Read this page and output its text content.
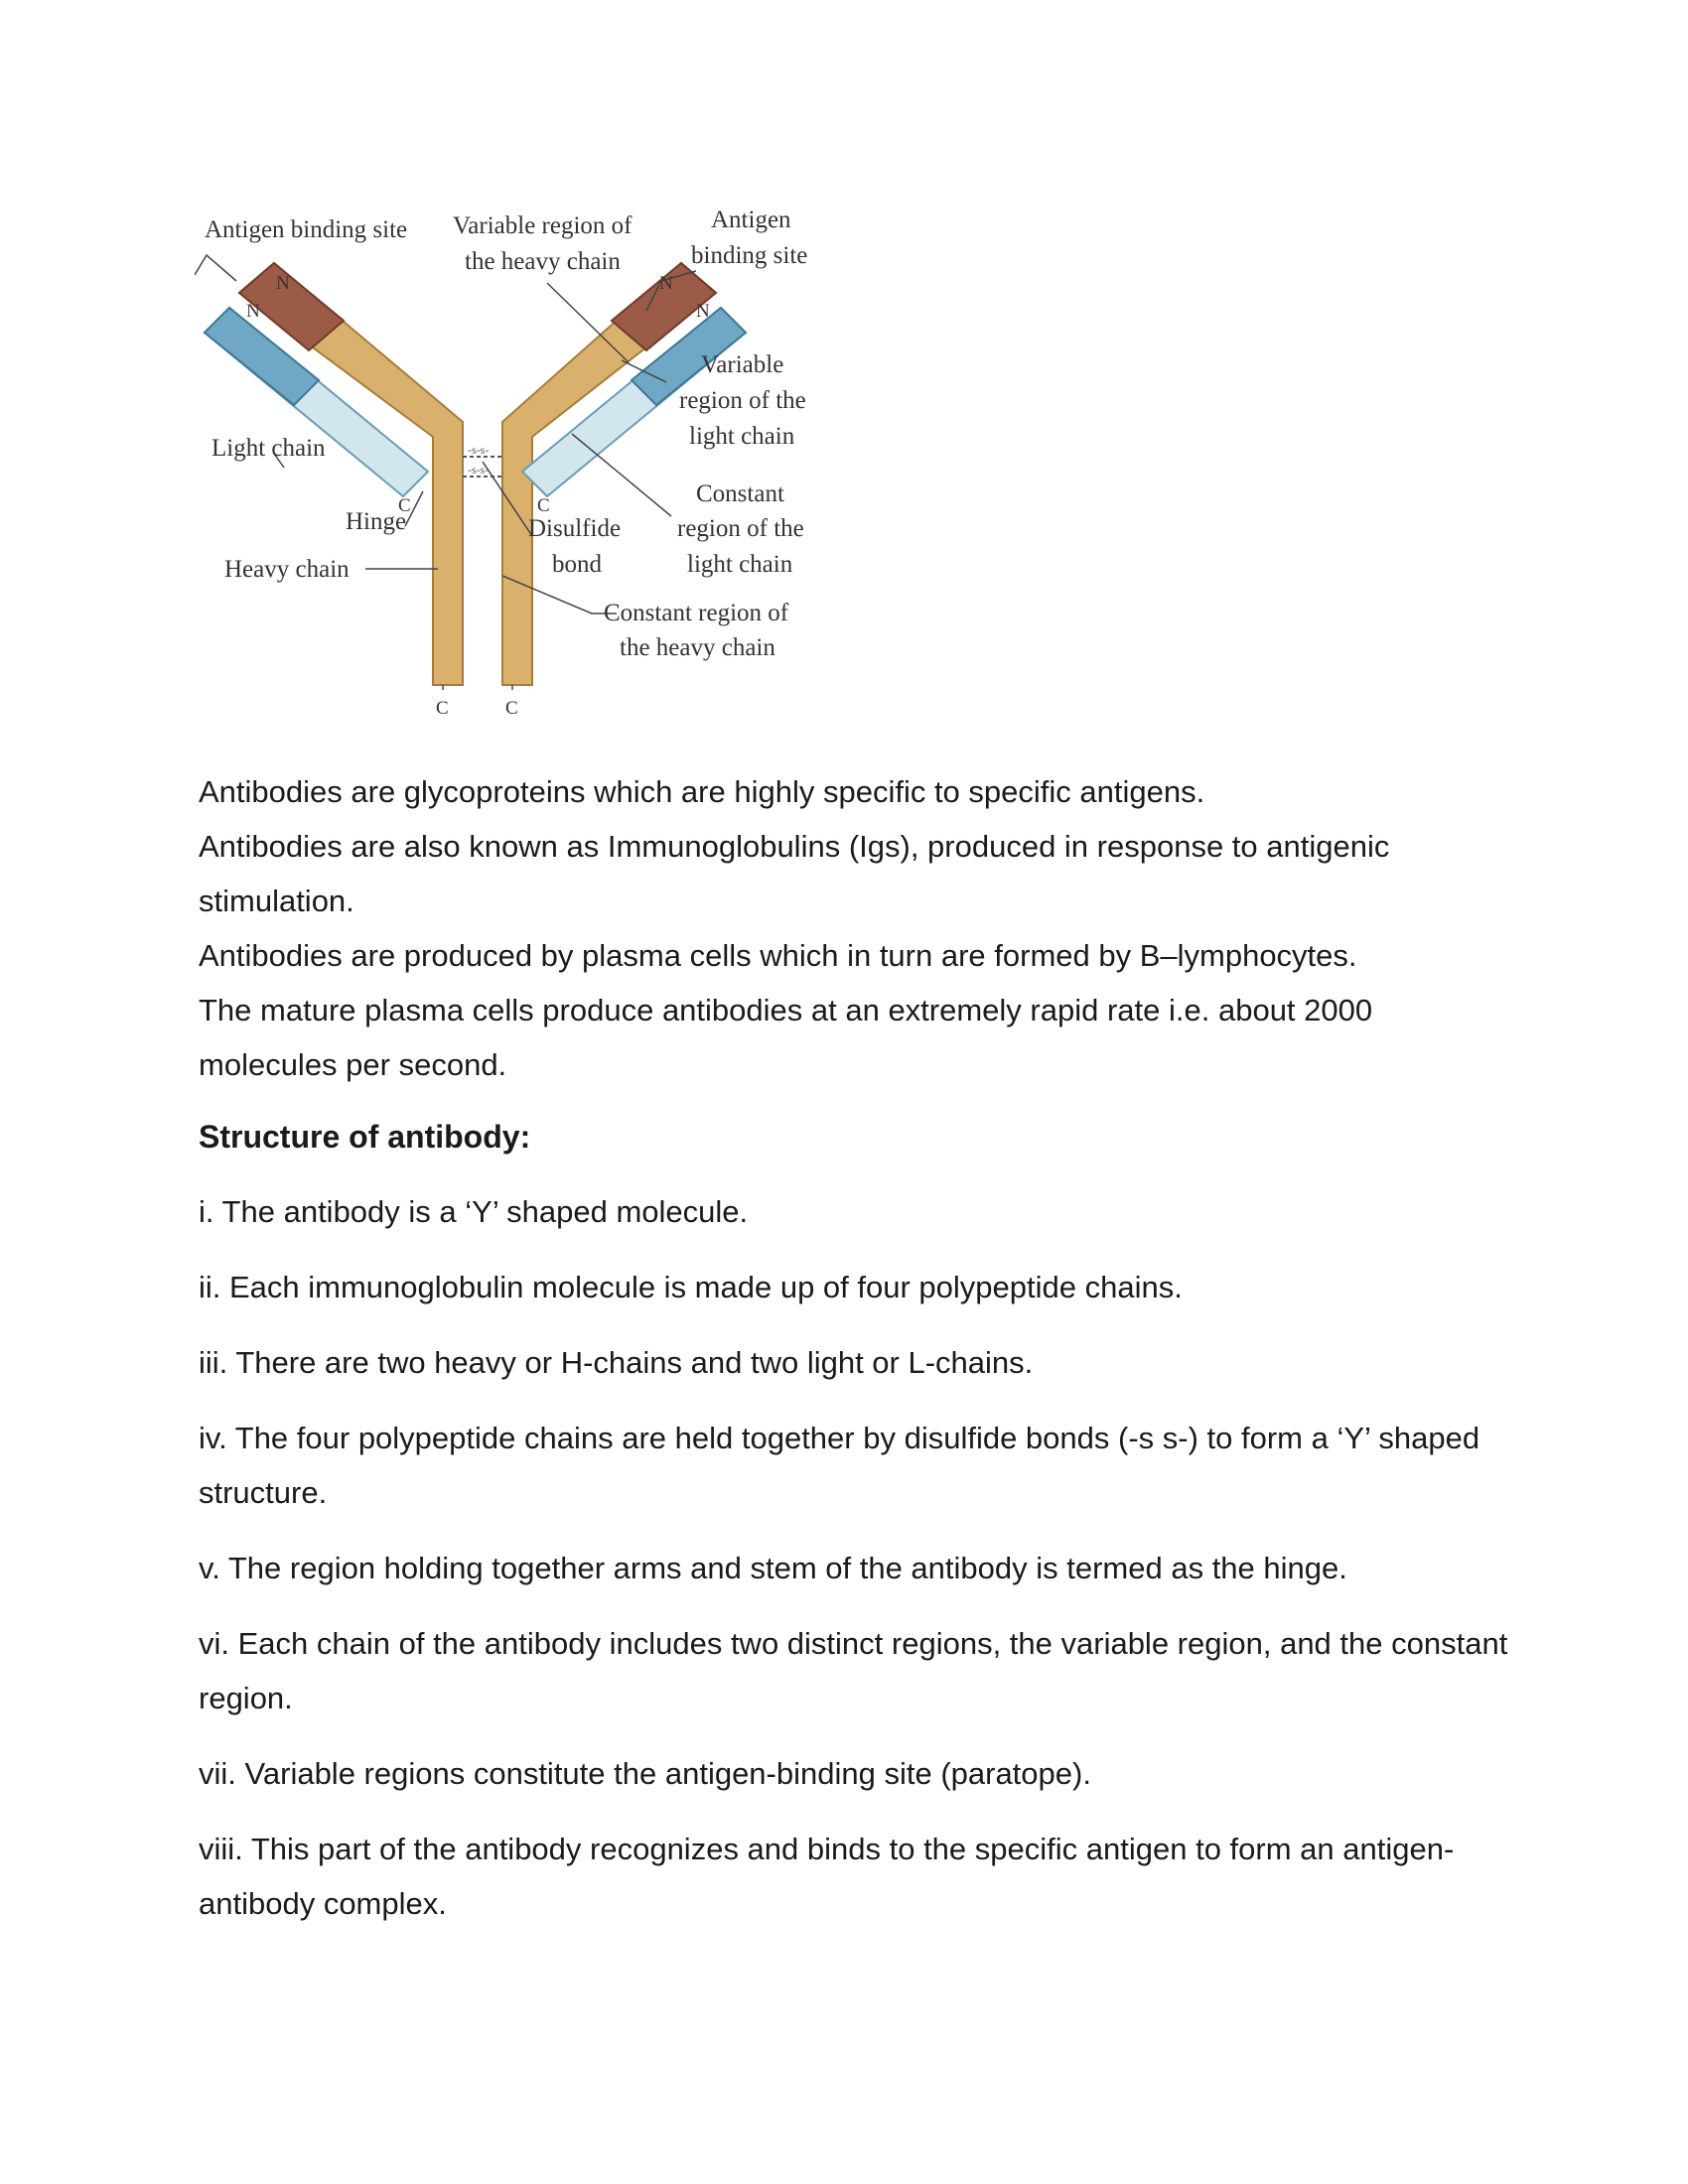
-s-s-
-s-s-
N
N
N
N
C	C
C	C
Antigen binding site Variable region of
the heavy chain
Antigen
binding site
Variable
region of the
light chain
Light chain
Hinge	Disulfide
bond
Constant
region of the
light chain
Heavy chain
Constant region of
the heavy chain

Antibodies are glycoproteins which are highly specific to specific antigens.

Antibodies are also known as Immunoglobulins (Igs), produced in response to antigenic stimulation.

Antibodies are produced by plasma cells which in turn are formed by B–lymphocytes.

The mature plasma cells produce antibodies at an extremely rapid rate i.e. about 2000 molecules per second.

Structure of antibody:

i. The antibody is a ‘Y’ shaped molecule.

ii. Each immunoglobulin molecule is made up of four polypeptide chains.

iii. There are two heavy or H-chains and two light or L-chains.

iv. The four polypeptide chains are held together by disulfide bonds (-s s-) to form a ‘Y’ shaped structure.

v. The region holding together arms and stem of the antibody is termed as the hinge.

vi. Each chain of the antibody includes two distinct regions, the variable region, and the constant region.

vii. Variable regions constitute the antigen-binding site (paratope).

viii. This part of the antibody recognizes and binds to the specific antigen to form an antigen-antibody complex.
